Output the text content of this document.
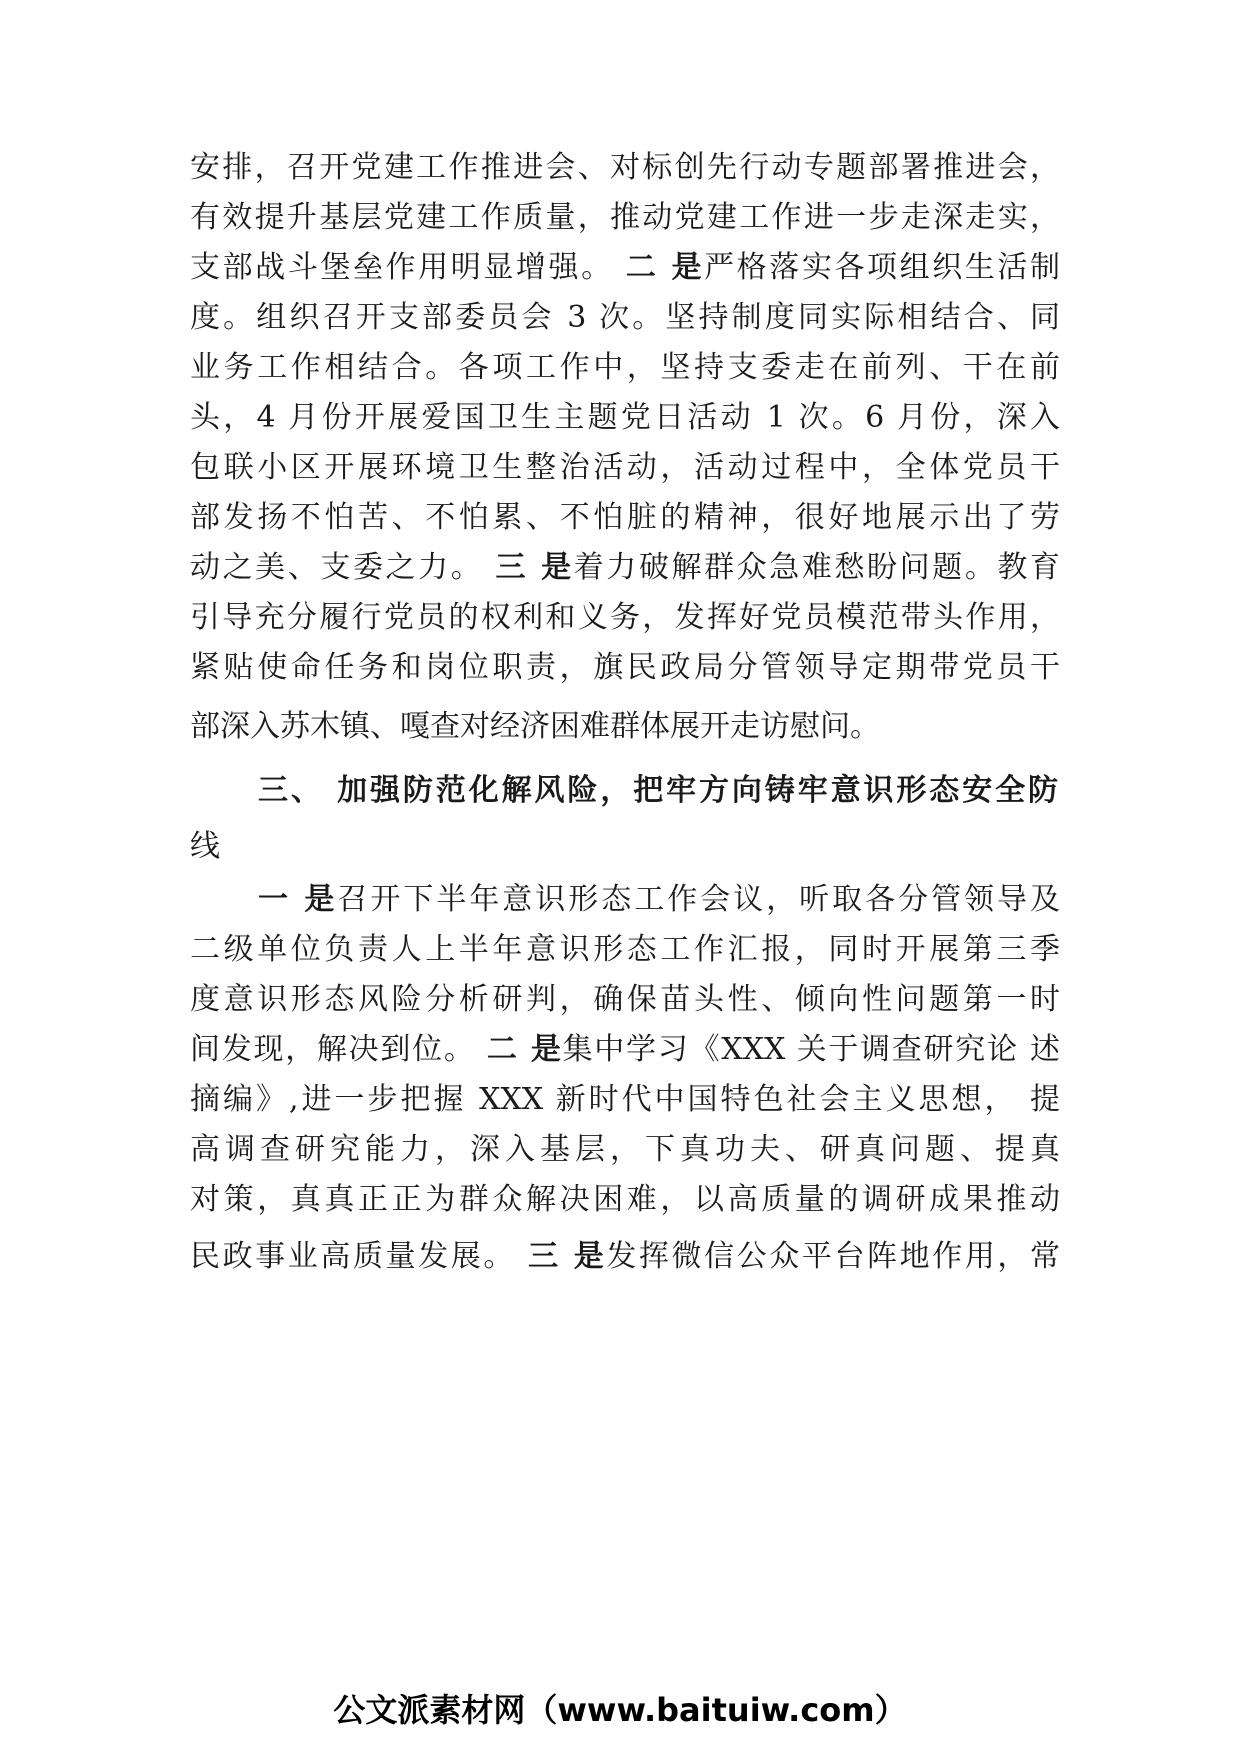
安排，召开党建工作推进会、对标创先行动专题部署推进会，
有效提升基层党建工作质量，推动党建工作进一步走深走实，
支部战斗堡垒作用明显增强。 二 是严格落实各项组织生活制
度。组织召开支部委员会 3 次。坚持制度同实际相结合、同
业务工作相结合。各项工作中，坚持支委走在前列、干在前
头，4 月份开展爱国卫生主题党日活动 1 次。6 月份，深入
包联小区开展环境卫生整治活动，活动过程中，全体党员干
部发扬不怕苦、不怕累、不怕脏的精神，很好地展示出了劳
动之美、支委之力。 三 是着力破解群众急难愁盼问题。教育
引导充分履行党员的权利和义务，发挥好党员模范带头作用，
紧贴使命任务和岗位职责，旗民政局分管领导定期带党员干
部深入苏木镇、嘎查对经济困难群体展开走访慰问。
三、 加强防范化解风险，把牢方向铸牢意识形态安全防
线
一 是召开下半年意识形态工作会议，听取各分管领导及
二级单位负责人上半年意识形态工作汇报，同时开展第三季
度意识形态风险分析研判，确保苗头性、倾向性问题第一时
间发现，解决到位。 二 是集中学习《XXX 关于调查研究论 述
摘编》,进一步把握 XXX 新时代中国特色社会主义思想， 提
高调查研究能力，深入基层，下真功夫、研真问题、提真
对策，真真正正为群众解决困难，以高质量的调研成果推动
民政事业高质量发展。 三 是发挥微信公众平台阵地作用，常
公文派素材网（www.baituiw.com）
